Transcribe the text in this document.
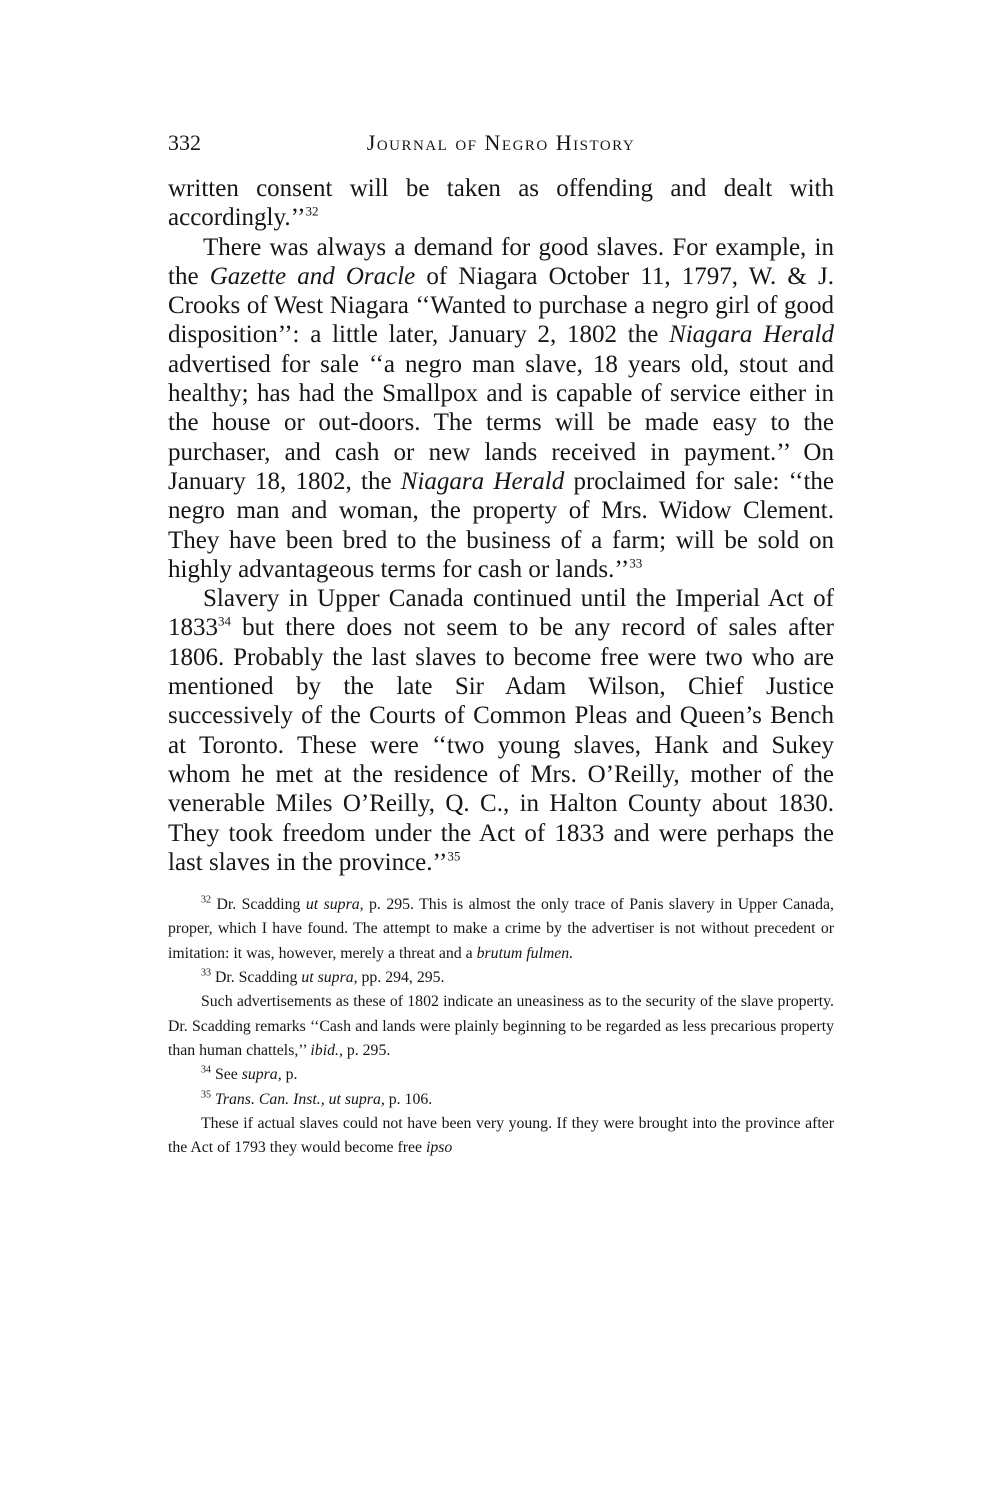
332	Journal of Negro History

written consent will be taken as offending and dealt with accordingly.’’$^{32}$

There was always a demand for good slaves. For example, in the Gazette and Oracle of Niagara October 11, 1797, W. & J. Crooks of West Niagara ‘‘Wanted to purchase a negro girl of good disposition’’: a little later, January 2, 1802 the Niagara Herald advertised for sale ‘‘a negro man slave, 18 years old, stout and healthy; has had the Smallpox and is capable of service either in the house or out-doors. The terms will be made easy to the purchaser, and cash or new lands received in payment.’’ On January 18, 1802, the Niagara Herald proclaimed for sale: ‘‘the negro man and woman, the property of Mrs. Widow Clement. They have been bred to the business of a farm; will be sold on highly advantageous terms for cash or lands.’’$^{33}$

Slavery in Upper Canada continued until the Imperial Act of 1833$^{34}$ but there does not seem to be any record of sales after 1806. Probably the last slaves to become free were two who are mentioned by the late Sir Adam Wilson, Chief Justice successively of the Courts of Common Pleas and Queen’s Bench at Toronto. These were ‘‘two young slaves, Hank and Sukey whom he met at the residence of Mrs. O’Reilly, mother of the venerable Miles O’Reilly, Q. C., in Halton County about 1830. They took freedom under the Act of 1833 and were perhaps the last slaves in the province.’’$^{35}$

$^{32}$ Dr. Scadding ut supra, p. 295. This is almost the only trace of Panis slavery in Upper Canada, proper, which I have found. The attempt to make a crime by the advertiser is not without precedent or imitation: it was, however, merely a threat and a brutum fulmen.

$^{33}$ Dr. Scadding ut supra, pp. 294, 295.

Such advertisements as these of 1802 indicate an uneasiness as to the security of the slave property. Dr. Scadding remarks ‘‘Cash and lands were plainly beginning to be regarded as less precarious property than human chattels,’’ ibid., p. 295.

$^{34}$ See supra, p.

$^{35}$ Trans. Can. Inst., ut supra, p. 106.

These if actual slaves could not have been very young. If they were brought into the province after the Act of 1793 they would become free ipso
